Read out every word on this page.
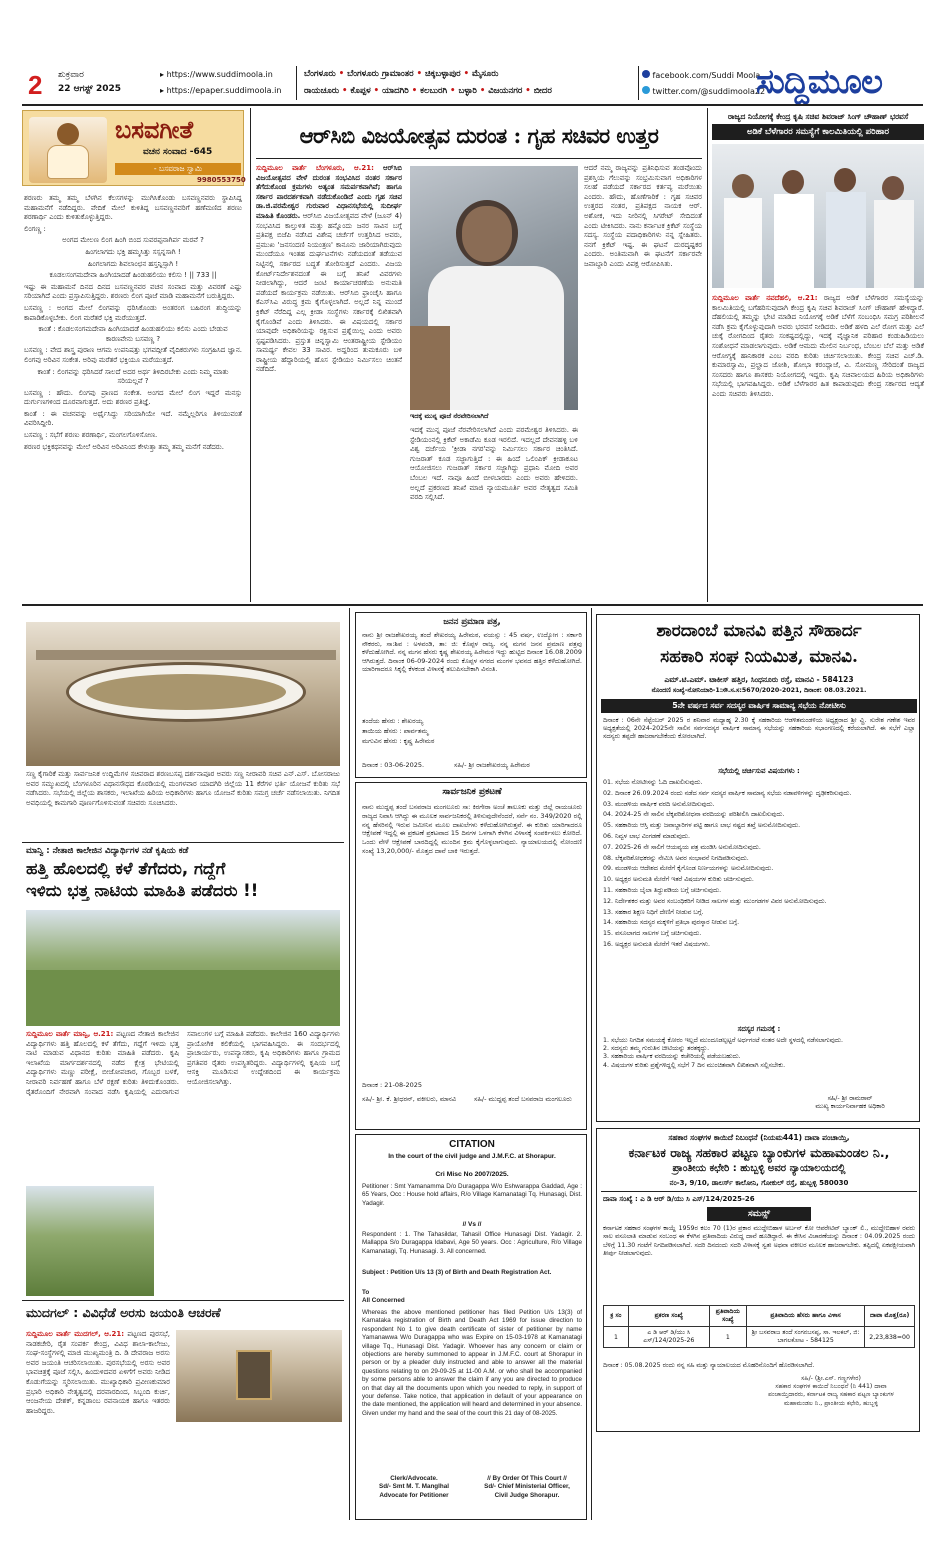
2 ಶುಕ್ರವಾರ
22 ಆಗಸ್ಟ್ 2025
▸ https://www.suddimoola.in
▸ https://epaper.suddimoola.in
ಬೆಂಗಳೂರು • ಬೆಂಗಳೂರು ಗ್ರಾಮಾಂತರ • ಚಿಕ್ಕಬಳ್ಳಾಪುರ • ಮೈಸೂರು
ರಾಯಚೂರು • ಕೊಪ್ಪಳ • ಯಾದಗಿರಿ • ಕಲಬುರಗಿ • ಬಳ್ಳಾರಿ • ವಿಜಯನಗರ • ಬೀದರ
facebook.com/Suddi Moola
twitter.com/@suddimoola22
ಸುದ್ದಿಮೂಲ
ಬಸವಗೀತೆ
ವಚನ ಸಂವಾದ -645
- ಬಸವರಾಜ ಸ್ವಾಮಿ
9980553750

ಶರಣರು ತಮ್ಮ ತಮ್ಮ ಬೆಳಗಿನ ಕೆಲಸಗಳನ್ನು ಮುಗಿಸಿಕೊಂಡು ಬಸವಣ್ಣನವರು ಸ್ಥಾಪಿಸಿದ್ದ ಮಹಾಮನೆಗೆ ನಡೆದಿದ್ದರು. ವೇದಿಕೆ ಮೇಲೆ ಕುಳಿತಿದ್ದ ಬಸವಣ್ಣನವರಿಗೆ ಹಣೆಮಣಿದ ಶರಣು ಶರಣಾರ್ಥಿ ಎಂದು ಕುಳಿತುಕೊಳ್ಳುತ್ತಿದ್ದರು.

ಲಿಂಗಣ್ಣ :

ಅಂಗದ ಮೇಲಣ ಲಿಂಗ ಹಿಂಗಿ ಬಿಂದ ಸುವರಪ್ಪನಾಗಿರ್ಪ ಮರವೆ ?

ಹಿಂಗಲಾಗದು ಭಕ್ತಿ ಹಮ್ಮಸಿತ್ತು ಸಸ್ಸನ್ನಸಾಗಿ !

ಹಿಂಗಲಾಗದು ಶಿವಲಾಂಛನ ಹಸ್ತನ್ನಿಸ್ಸಾಗಿ !

ಕೂಡಲಸಂಗಮದೇವಾ ಹಿಂಗಿಯಾದಡೆ ಹಿಂಡುಹಲಿಯು ಕಲಿಸು ! || 733 ||

ಇಷ್ಟು ಈ ಮಹಾಮನೆ ದಿನದ ದಿನದ ಬಸವಣ್ಣನವರ ವಚನ ಸಂವಾದ ಮತ್ತು ವಿವರಣೆ ಎಷ್ಟು ಸರಿಯಾಗಿದೆ ಎಂದು ಪ್ರಸ್ತಾಪಿಸುತ್ತಿದ್ದರು. ಶರಣರು ಲಿಂಗ ಪೂಜೆ ಮಾಡಿ ಮಹಾಮನೆಗೆ ಬರುತ್ತಿದ್ದರು.

ಬಸವಣ್ಣ : ಅಂಗದ ಮೇಲೆ ಲಿಂಗವನ್ನು ಧರಿಸಿಕೊಂಡು ಅಂತರಂಗ ಬಹಿರಂಗ ಶುದ್ಧಿಯನ್ನು ಕಾಪಾಡಿಕೊಳ್ಳಬೇಕು. ಲಿಂಗ ಮರೆತರೆ ಭಕ್ತಿ ಮರೆಯುತ್ತದೆ.

ಕಾಂತೆ : ಕೊಡಲಸಂಗಮದೇವಾ ಹಿಂಗಿಯಾದಡೆ ಹಿಂಡುಹಲಿಯು ಕಲಿಸು ಎಂದು ಬೇಡುವ ಕಾರಣವೇನು ಬಸವಣ್ಣ ?

ಬಸವಣ್ಣ : ವೇದ ಶಾಸ್ತ್ರ ಪುರಾಣ ಆಗಮ ಉಪನಿಷತ್ತು ಭಗವದ್ಗೀತೆ ವೈದಿಕರುಗಳು ಸಂಗ್ರಹಿಸಿದ ಜ್ಞಾನ. ಲಿಂಗವು ಅರಿವಿನ ಸಂಕೇತ. ಅರಿವು ಮರೆತರೆ ಭಕ್ತಿಯೂ ಮರೆಯುತ್ತದೆ.

ಕಾಂತೆ : ಲಿಂಗವನ್ನು ಧರಿಸಿದರೆ ಸಾಲದೆ ಅದರ ಅರ್ಥ ತಿಳಿದಿರಬೇಕು ಎಂದು ನಿಮ್ಮ ಮಾತು ಸರಿಯಲ್ಲವೆ ?

ಬಸವಣ್ಣ : ಹೌದು. ಲಿಂಗವು ಪ್ರಾಣದ ಸಂಕೇತ. ಅಂಗದ ಮೇಲೆ ಲಿಂಗ ಇದ್ದರೆ ಮನಸ್ಸು ದುರ್ಗುಣಗಳಿಂದ ದೂರವಾಗುತ್ತದೆ. ಅದು ಶರಣರ ಪ್ರತಿಜ್ಞೆ.

ಕಾಂತೆ : ಈ ವಚನವನ್ನು ಅರ್ಥೈಸಿದ್ದು ಸರಿಯಾಗಿಯೇ ಇದೆ. ನಮ್ಮೆಲ್ಲರಿಗೂ ತಿಳಿಯುವಂತೆ ವಿವರಿಸಿದ್ದೀರಿ.

ಬಸವಣ್ಣ : ಸಭೆಗೆ ಶರಣು ಶರಣಾರ್ಥಿ, ಮಂಗಲಗೊಳಿಸೋಣ.

ಶರಣರ ಭಕ್ತಿಕಥನವನ್ನು ಮೇಲೆ ಅರಿವಿನ ಅರಿವಿನಿಂದ ಕೇಳುತ್ತಾ ತಮ್ಮ ತಮ್ಮ ಮನೆಗೆ ನಡೆದರು.

ಆರ್‌ಸಿಬಿ ವಿಜಯೋತ್ಸವ ದುರಂತ : ಗೃಹ ಸಚಿವರ ಉತ್ತರ
ಸುದ್ದಿಮೂಲ ವಾರ್ತೆ ಬೆಂಗಳೂರು, ಆ.21: ಆರ್‌ಸಿಬಿ ವಿಜಯೋತ್ಸವದ ವೇಳೆ ದುರಂತ ಸಂಭವಿಸಿದ ನಂತರ ಸರ್ಕಾರ ತೆಗೆದುಕೊಂಡ ಕ್ರಮಗಳು ಅತ್ಯಂತ ಸಮರ್ಪಕವಾಗಿವೆ; ಹಾಗೂ ಸರ್ಕಾರ ಪಾರದರ್ಶಕವಾಗಿ ನಡೆದುಕೊಂಡಿದೆ ಎಂದು ಗೃಹ ಸಚಿವ ಡಾ.ಜಿ.ಪರಮೇಶ್ವರ ಗುರುವಾರ ವಿಧಾನಸಭೆಯಲ್ಲಿ ಸುದೀರ್ಘ ಮಾಹಿತಿ ಕೊಂಡರು. ಆರ್‌ಸಿಬಿ ವಿಜಯೋತ್ಸವದ ವೇಳೆ (ಜೂನ್ 4) ಸಂಭವಿಸಿದ ಕಾಲ್ತುಳಿತ ಮತ್ತು ಹನ್ನೊಂದು ಜನರ ಸಾವಿನ ಬಗ್ಗೆ ಪ್ರತಿಪಕ್ಷ ಬಿಜೆಪಿ ನಡೆಸಿದ ವಿಶೇಷ ಚರ್ಚೆಗೆ ಉತ್ತರಿಸಿದ ಅವರು, ಪ್ರಮುಖ 'ಜನಸಂದಣಿ ನಿಯಂತ್ರಣ' ಕಾನೂನು ಜಾರಿಯಾಗಿರುವುದು ಮುಂದೆಯೂ ಇಂತಹ ದುರ್ಘಟನೆಗಳು ನಡೆಯದಂತೆ ತಡೆಯುವ ನಿಟ್ಟಿನಲ್ಲಿ ಸರ್ಕಾರದ ಬದ್ಧತೆ ತೋರಿಸುತ್ತದೆ ಎಂದರು. ವಿಜಯ ಕೋರ್ಟ್‌ನಿರ್ದೇಶನದಂತೆ ಈ ಬಗ್ಗೆ ತನಿಖೆ ವಿವರಗಳು ನೀಡಲಾಗಿದ್ದು, ಆದರೆ ಜಂಟಿ ಕಾರ್ಯಾಚರಣೆಯ ಅನುಮತಿ ಪಡೆಯದೆ ಕಾರ್ಯಕ್ರಮ ನಡೆಯಿತು. ಆರ್‌ಸಿಬಿ ಫ್ರಾಂಚೈಸಿ ಹಾಗೂ ಕೆಎಸ್‌ಸಿಎ ವಿರುದ್ಧ ಕ್ರಮ ಕೈಗೊಳ್ಳಲಾಗಿದೆ. ಅಲ್ಲದೆ ನಿನ್ನ ಮುಂದೆ ಕ್ರಿಕೆಟ್ ನೆರೆದಿದ್ದ ಎಲ್ಲ ಕ್ರೀಡಾ ಸಂಸ್ಥೆಗಳು ಸರ್ಕಾರಕ್ಕೆ ಲಿಖಿತವಾಗಿ ಕೈಗೊಂಡಿವೆ ಎಂದು ತಿಳಿಸಿದರು. ಈ ವಿಷಯದಲ್ಲಿ ಸರ್ಕಾರ ಯಾವುದೇ ಅಧಿಕಾರಿಯನ್ನು ರಕ್ಷಿಸುವ ಪ್ರಶ್ನೆಯಿಲ್ಲ ಎಂದು ಅವರು ಸ್ಪಷ್ಟಪಡಿಸಿದರು. ಪ್ರಸ್ತುತ ಚಿನ್ನಸ್ವಾಮಿ ಆಂತರಾಷ್ಟ್ರೀಯ ಸ್ಟೇಡಿಯಂ ಸಾಮರ್ಥ್ಯ ಕೇವಲ 33 ಸಾವಿರ. ಅದ್ದರಿಂದ ತುಮಕೂರು ಬಳಿ ರಾಷ್ಟ್ರೀಯ ಹೆದ್ದಾರಿಯಲ್ಲಿ ಹೊಸ ಸ್ಟೇಡಿಯಂ ನಿರ್ಮಿಸಲು ಚಿಂತನೆ ನಡೆದಿದೆ.
ಇದಕ್ಕೆ ಮುನ್ನ ಪೂಜೆ ನೆರವೇರಿಸಲಾಗಿದೆ
ಇದಕ್ಕೆ ಮುನ್ನ ಪೂಜೆ ನೆರವೇರಿಸಲಾಗಿದೆ ಎಂದು ಪರಮೇಶ್ವರ ತಿಳಿಸಿದರು. ಈ ಸ್ಟೇಡಿಯಂನಲ್ಲಿ ಕ್ರಿಕೆಟ್ ಅಕಾಡೆಮಿ ಕೂಡ ಇರಲಿದೆ. ಇದಲ್ಲದೆ ದೇವನಹಳ್ಳಿ ಬಳಿ ವಿಶ್ವ ದರ್ಜೆಯ 'ಕ್ರೀಡಾ ನಗರ'ವನ್ನು ನಿರ್ಮಿಸಲು ಸರ್ಕಾರ ಚಿಂತಿಸಿದೆ. ಗುಜರಾತ್ ಕೂಡ ಸಜ್ಜಾಗುತ್ತಿದೆ : ಈ ಹಿಂದೆ ಒಲಿಂಪಿಕ್ ಕ್ರೀಡಾಕೂಟ ಆಯೋಜಿಸಲು ಗುಜರಾತ್ ಸರ್ಕಾರ ಸಜ್ಜಾಗಿದ್ದು ಪ್ರಧಾನಿ ಮೋದಿ ಅವರ ಬೆಂಬಲ ಇದೆ. ನಾವೂ ಹಿಂದೆ ಬೀಳಬಾರದು ಎಂದು ಅವರು ಹೇಳಿದರು. ಅಲ್ಲದೆ ಪ್ರಕರಣದ ತನಿಖೆ ಮಾಜಿ ನ್ಯಾಯಮೂರ್ತಿ ಅವರ ನೇತೃತ್ವದ ಸಮಿತಿ ವರದಿ ಸಲ್ಲಿಸಿದೆ.
ಆದರೆ ನಮ್ಮ ರಾಜ್ಯವನ್ನು ಪ್ರತಿನಿಧಿಸುವ ತಂಡವೊಂದು ಪ್ರಶಸ್ತಿಯ ಗೆಲುವನ್ನು ಸಂಭ್ರಮಿಸುವಾಗ ಅಧಿಕಾರಿಗಳ ಸಲಹೆ ಪಡೆಯದೆ ಸರ್ಕಾರದ ಕರ್ತವ್ಯ ಮರೆಯಿತು ಎಂದರು. ಹೌದು, ಹೊಣೆಗಾರಿಕೆ : ಗೃಹ ಸಚಿವರ ಉತ್ತರದ ನಂತರ, ಪ್ರತಿಪಕ್ಷದ ನಾಯಕ ಆರ್. ಅಶೋಕ, ಇದು ನೀರಿನಲ್ಲಿ ಸಿಗರೇಟ್ ಸೇದಿದಂತೆ ಎಂದು ಟೀಕಿಸಿದರು. ನಾನು ಕರ್ನಾಟಕ ಕ್ರಿಕೆಟ್ ಸಂಸ್ಥೆಯ ಸದಸ್ಯ. ಸಂಸ್ಥೆಯ ಪದಾಧಿಕಾರಿಗಳು ನನ್ನ ಸ್ನೇಹಿತರು. ನನಗೆ ಕ್ರಿಕೆಟ್ ಇಷ್ಟ. ಈ ಘಟನೆ ದುರದೃಷ್ಟಕರ ಎಂದರು. ಅಂತಿಮವಾಗಿ ಈ ಘಟನೆಗೆ ಸರ್ಕಾರವೇ ಜವಾಬ್ದಾರಿ ಎಂದು ವಿಪಕ್ಷ ಆರೋಪಿಸಿತು.
ರಾಜ್ಯದ ನಿಯೋಗಕ್ಕೆ ಕೇಂದ್ರ ಕೃಷಿ ಸಚಿವ ಶಿವರಾಜ್ ಸಿಂಗ್ ಚೌಹಾಣ್ ಭರವಸೆ
ಅಡಿಕೆ ಬೆಳೆಗಾರರ ಸಮಸ್ಯೆಗೆ ಕಾಲಮಿತಿಯಲ್ಲಿ ಪರಿಹಾರ
ಸುದ್ದಿಮೂಲ ವಾರ್ತೆ ನವದೆಹಲಿ, ಆ.21: ರಾಜ್ಯದ ಅಡಿಕೆ ಬೆಳೆಗಾರರ ಸಮಸ್ಯೆಯನ್ನು ಕಾಲಮಿತಿಯಲ್ಲಿ ಬಗೆಹರಿಸುವುದಾಗಿ ಕೇಂದ್ರ ಕೃಷಿ ಸಚಿವ ಶಿವರಾಜ್ ಸಿಂಗ್ ಚೌಹಾಣ್ ಹೇಳಿದ್ದಾರೆ. ದೆಹಲಿಯಲ್ಲಿ ತಮ್ಮನ್ನು ಭೇಟಿ ಮಾಡಿದ ನಿಯೋಗಕ್ಕೆ ಅಡಿಕೆ ಬೆಳೆಗೆ ಸಂಬಂಧಿಸಿ ಸಮಗ್ರ ಪರಿಶೀಲನೆ ನಡೆಸಿ ಕ್ರಮ ಕೈಗೊಳ್ಳುವುದಾಗಿ ಅವರು ಭರವಸೆ ನೀಡಿದರು. ಅಡಿಕೆ ಹಳದಿ ಎಲೆ ರೋಗ ಮತ್ತು ಎಲೆ ಚುಕ್ಕೆ ರೋಗದಿಂದ ರೈತರು ಸಂಕಷ್ಟದಲ್ಲಿದ್ದು, ಇದಕ್ಕೆ ವೈಜ್ಞಾನಿಕ ಪರಿಹಾರ ಕಂಡುಹಿಡಿಯಲು ಸಂಶೋಧನೆ ಮಾಡಲಾಗುವುದು. ಅಡಿಕೆ ಆಮದು ಮೇಲಿನ ನಿರ್ಬಂಧ, ಬೆಂಬಲ ಬೆಲೆ ಮತ್ತು ಅಡಿಕೆ ಆರೋಗ್ಯಕ್ಕೆ ಹಾನಿಕಾರಕ ಎಂಬ ವರದಿ ಕುರಿತು ಚರ್ಚಿಸಲಾಯಿತು. ಕೇಂದ್ರ ಸಚಿವ ಎಚ್.ಡಿ. ಕುಮಾರಸ್ವಾಮಿ, ಪ್ರಲ್ಹಾದ ಜೋಶಿ, ಶೋಭಾ ಕರಂದ್ಲಾಜೆ, ವಿ. ಸೋಮಣ್ಣ ಸೇರಿದಂತೆ ರಾಜ್ಯದ ಸಂಸದರು ಹಾಗೂ ಶಾಸಕರು ನಿಯೋಗದಲ್ಲಿ ಇದ್ದರು. ಕೃಷಿ ಸಚಿವಾಲಯದ ಹಿರಿಯ ಅಧಿಕಾರಿಗಳು ಸಭೆಯಲ್ಲಿ ಭಾಗವಹಿಸಿದ್ದರು. ಅಡಿಕೆ ಬೆಳೆಗಾರರ ಹಿತ ಕಾಪಾಡುವುದು ಕೇಂದ್ರ ಸರ್ಕಾರದ ಆದ್ಯತೆ ಎಂದು ಸಚಿವರು ತಿಳಿಸಿದರು.
ಸಣ್ಣ ಕೈಗಾರಿಕೆ ಮತ್ತು ಸಾರ್ವಜನಿಕ ಉದ್ದಿಮೆಗಳ ಸಚಿವರಾದ ಶರಣಬಸಪ್ಪ ದರ್ಶನಾಪೂರ ಅವರು ಸಣ್ಣ ನೀರಾವರಿ ಸಚಿವ ಎನ್.ಎಸ್. ಬೋಸರಾಜು ಅವರ ಸಮ್ಮುಖದಲ್ಲಿ ಬೆಂಗಳೂರಿನ ವಿಧಾನಸೌಧದ ಕೊಠಡಿಯಲ್ಲಿ ಮಂಗಳವಾರ ಯಾದಗಿರಿ ಜಿಲ್ಲೆಯ 11 ಕೆರೆಗಳ ಭರ್ತಿ ಯೋಜನೆ ಕುರಿತು ಸಭೆ ನಡೆಸಿದರು. ಸಭೆಯಲ್ಲಿ ಜಿಲ್ಲೆಯ ಶಾಸಕರು, ಇಲಾಖೆಯ ಹಿರಿಯ ಅಧಿಕಾರಿಗಳು ಹಾಗೂ ಯೋಜನೆ ಕುರಿತು ಸಮಗ್ರ ಚರ್ಚೆ ನಡೆಸಲಾಯಿತು. ನಿಗದಿತ ಅವಧಿಯಲ್ಲಿ ಕಾಮಗಾರಿ ಪೂರ್ಣಗೊಳಿಸುವಂತೆ ಸಚಿವರು ಸೂಚಿಸಿದರು.
ಮಾನ್ವಿ : ನೇತಾಜಿ ಕಾಲೇಜಿನ ವಿದ್ಯಾರ್ಥಿಗಳ ನಡೆ ಕೃಷಿಯ ಕಡೆ
ಹತ್ತಿ ಹೊಲದಲ್ಲಿ ಕಳೆ ತೆಗೆದರು, ಗದ್ದೆಗೆ
ಇಳಿದು ಭತ್ತ ನಾಟಿಯ ಮಾಹಿತಿ ಪಡೆದರು !!
ಸುದ್ದಿಮೂಲ ವಾರ್ತೆ ಮಾನ್ವಿ, ಆ.21: ಪಟ್ಟಣದ ನೇತಾಜಿ ಕಾಲೇಜಿನ ವಿದ್ಯಾರ್ಥಿಗಳು ಹತ್ತಿ ಹೊಲದಲ್ಲಿ ಕಳೆ ತೆಗೆದು, ಗದ್ದೆಗೆ ಇಳಿದು ಭತ್ತ ನಾಟಿ ಮಾಡುವ ವಿಧಾನದ ಕುರಿತು ಮಾಹಿತಿ ಪಡೆದರು. ಕೃಷಿ ಇಲಾಖೆಯ ಮಾರ್ಗದರ್ಶನದಲ್ಲಿ ನಡೆದ ಕ್ಷೇತ್ರ ಭೇಟಿಯಲ್ಲಿ ವಿದ್ಯಾರ್ಥಿಗಳು ಮಣ್ಣು ಪರೀಕ್ಷೆ, ಬೀಜೋಪಚಾರ, ಗೊಬ್ಬರ ಬಳಕೆ, ನೀರಾವರಿ ನಿರ್ವಹಣೆ ಹಾಗೂ ಬೆಳೆ ರಕ್ಷಣೆ ಕುರಿತು ತಿಳಿದುಕೊಂಡರು. ರೈತರೊಂದಿಗೆ ನೇರವಾಗಿ ಸಂವಾದ ನಡೆಸಿ ಕೃಷಿಯಲ್ಲಿ ಎದುರಾಗುವ ಸವಾಲುಗಳ ಬಗ್ಗೆ ಮಾಹಿತಿ ಪಡೆದರು. ಕಾಲೇಜಿನ 160 ವಿದ್ಯಾರ್ಥಿಗಳು ಪ್ರಾಯೋಗಿಕ ಕಲಿಕೆಯಲ್ಲಿ ಭಾಗವಹಿಸಿದ್ದರು. ಈ ಸಂದರ್ಭದಲ್ಲಿ ಪ್ರಾಚಾರ್ಯರು, ಉಪನ್ಯಾಸಕರು, ಕೃಷಿ ಅಧಿಕಾರಿಗಳು ಹಾಗೂ ಗ್ರಾಮದ ಪ್ರಗತಿಪರ ರೈತರು ಉಪಸ್ಥಿತರಿದ್ದರು. ವಿದ್ಯಾರ್ಥಿಗಳಲ್ಲಿ ಕೃಷಿಯ ಬಗ್ಗೆ ಆಸಕ್ತಿ ಮೂಡಿಸುವ ಉದ್ದೇಶದಿಂದ ಈ ಕಾರ್ಯಕ್ರಮ ಆಯೋಜಿಸಲಾಗಿತ್ತು.
ಮುದಗಲ್ : ವಿವಿಧೆಡೆ ಅರಸು ಜಯಂತಿ ಆಚರಣೆ
ಸುದ್ದಿಮೂಲ ವಾರ್ತೆ ಮುದಗಲ್, ಆ.21: ಪಟ್ಟಣದ ಪುರಸಭೆ, ನಾಡಕಚೇರಿ, ರೈತ ಸಂಪರ್ಕ ಕೇಂದ್ರ, ವಿವಿಧ ಶಾಲಾ-ಕಾಲೇಜು, ಸಂಘ-ಸಂಸ್ಥೆಗಳಲ್ಲಿ ಮಾಜಿ ಮುಖ್ಯಮಂತ್ರಿ ದಿ. ಡಿ ದೇವರಾಜ ಅರಸು ಅವರ ಜಯಂತಿ ಆಚರಿಸಲಾಯಿತು. ಪುರಸಭೆಯಲ್ಲಿ ಅರಸು ಅವರ ಭಾವಚಿತ್ರಕ್ಕೆ ಪೂಜೆ ಸಲ್ಲಿಸಿ, ಹಿಂದುಳಿದವರ ಏಳಿಗೆಗೆ ಅವರು ನೀಡಿದ ಕೊಡುಗೆಯನ್ನು ಸ್ಮರಿಸಲಾಯಿತು. ಮುಖ್ಯಾಧಿಕಾರಿ ಪ್ರವೀಣಕುಮಾರ ಪ್ರಭಾರಿ ಅಧಿಕಾರಿ ನೇತೃತ್ವದಲ್ಲಿ ದರವಾರದಿಂದ, ಸಿಬ್ಬಂದಿ ಕುರ್ಚಿ, ಆಂಜನೇಯ ದೇಶಕ್, ಕನ್ನಡಾಂಬ ರವನಾಯಕ ಹಾಗೂ ಇತರರು ಹಾಜರಿದ್ದರು.
ಜನನ ಪ್ರಮಾಣ ಪತ್ರ,
ನಾನು ಶ್ರೀ ರಾಜಶೇಖರಯ್ಯ ತಂದೆ ಶೇಖರಯ್ಯ ಹಿರೇಮಠ, ವಯಸ್ಸು : 45 ವರ್ಷ, ಉದ್ಯೋಗ : ಸರ್ಕಾರಿ ನೌಕರರು, ಸಾ:ಶಿವ : ಅಳವಂಡಿ, ತಾ: ಜಿ: ಕೊಪ್ಪಳ ರಾಜ್ಯ. ನನ್ನ ಮಗನ ಜನನ ಪ್ರಮಾಣ ಪತ್ರವು ಕಳೆದುಹೋಗಿದೆ. ನನ್ನ ಮಗನ ಹೆಸರು ಕೃಷ್ಣ ಶೇಖರಯ್ಯ ಹಿರೇಮಠ ಇದ್ದು ಹುಟ್ಟಿದ ದಿನಾಂಕ 16.08.2009 ಆಗಿರುತ್ತದೆ. ದಿನಾಂಕ 06-09-2024 ರಂದು ಕೊಪ್ಪಳ ನಗರದ ಮಂಗಳ ಭವನದ ಹತ್ತಿರ ಕಳೆದುಹೋಗಿದೆ. ಯಾರಿಗಾದರೂ ಸಿಕ್ಕಲ್ಲಿ ಕೆಳಕಂಡ ವಿಳಾಸಕ್ಕೆ ತಲುಪಿಸಬೇಕಾಗಿ ವಿನಂತಿ.
ತಂದೆಯ ಹೆಸರು : ಶೇಖರಯ್ಯ
ತಾಯಿಯ ಹೆಸರು : ಪಾರ್ವತಮ್ಮ
ಮಗುವಿನ ಹೆಸರು : ಕೃಷ್ಣ ಹಿರೇಮಠ
ದಿನಾಂಕ : 03-06-2025.	ಸಹಿ/- ಶ್ರೀ ರಾಜಶೇಖರಯ್ಯ ಹಿರೇಮಠ
ಸಾರ್ವಜನಿಕ ಪ್ರಕಟಣೆ
ನಾನು ಮುದ್ದಪ್ಪ ತಂದೆ ಬಸವರಾಜ ಮಂಗಲೂರು ಸಾ: ಕಿರಗೇರಾ ಅಂಚೆ ತಾಲೂಕು ಮತ್ತು ಜಿಲ್ಲೆ ರಾಯಚೂರು ರಾಜ್ಯದ ನಿವಾಸಿ ಆಗಿದ್ದು ಈ ಮೂಲಕ ಸಾರ್ವಜನಿಕರಲ್ಲಿ ತಿಳಿಸುವುದೇನೆಂದರೆ, ಸರ್ವೆ ನಂ. 349/2020 ರಲ್ಲಿ ನನ್ನ ಹೆಸರಿನಲ್ಲಿ ಇರುವ ಜಮೀನಿನ ಮೂಲ ದಾಖಲೆಗಳು ಕಳೆದುಹೋಗಿರುತ್ತವೆ. ಈ ಕುರಿತು ಯಾರಿಗಾದರೂ ಆಕ್ಷೇಪಣೆ ಇದ್ದಲ್ಲಿ ಈ ಪ್ರಕಟಣೆ ಪ್ರಕಟವಾದ 15 ದಿನಗಳ ಒಳಗಾಗಿ ಕೆಳಗಿನ ವಿಳಾಸಕ್ಕೆ ಸಂಪರ್ಕಿಸಲು ಕೋರಿದೆ. ಒಂದು ವೇಳೆ ಆಕ್ಷೇಪಣೆ ಬಾರದಿದ್ದಲ್ಲಿ ಮುಂದಿನ ಕ್ರಮ ಕೈಗೊಳ್ಳಲಾಗುವುದು. ನ್ಯಾಯಾಲಯದಲ್ಲಿ ನೋಂದಣಿ ಸಂಖ್ಯೆ 13,20,000/- ಮೊತ್ತದ ದಾವೆ ಬಾಕಿ ಇರುತ್ತದೆ.
ದಿನಾಂಕ : 21-08-2025
ಸಹಿ/- ಶ್ರೀ. ಕೆ. ಶ್ರೀಧರನ್, ವಕೀಲರು, ಮಾನವಿ	ಸಹಿ/- ಮುದ್ದಪ್ಪ ತಂದೆ ಬಸವರಾಜ ಮಂಗಲೂರು
CITATION
In the court of the civil judge and J.M.F.C. at Shorapur.
Cri Misc No 2007/2025.
Petitioner : Smt Yamanamma D/o Duragappa W/o Eshwarappa Gaddad, Age : 65 Years, Occ : House hold affairs, R/o Village Kamanatagi Tq. Hunasagi, Dist. Yadagir.
// Vs //
Respondent : 1. The Tahasildar, Tahasil Office Hunasagi Dist. Yadagir. 2. Mallappa S/o Duragappa Idabavi, Age 50 years. Occ : Agriculture, R/o Village Kamanatagi, Tq. Hunasagi. 3. All concerned.
Subject : Petition U/s 13 (3) of Birth and Death Registration Act.
To
All Concerned
Whereas the above mentioned petitioner has filed Petition U/s 13(3) of Karnataka registration of Birth and Death Act 1969 for issue direction to respondent No 1 to give death certificate of sister of petitioner by name Yamanawwa W/o Duragappa who was Expire on 15-03-1978 at Kamanatagi village Tq., Hunasagi Dist. Yadagir. Whoever has any concern or claim or objections are hereby summoned to appear in J.M.F.C. court at Shorapur in person or by a pleader duly instructed and able to answer all the material questions relating to on 29-09-25 at 11-00 A.M. or who shall be accompanied by some persons able to answer the claim if any you are directed to produce on that day all the documents upon which you needed to reply, in support of your defense. Take notice, that application in default of your appearance on the date mentioned, the application will heard and determined in your absence. Given under my hand and the seal of the court this 21 day of 08-2025.
Clerk/Advocate.
Sd/- Smt M. T. Manglhal
Advocate for Petitioner
// By Order Of This Court //
Sd/- Chief Ministerial Officer,
Civil Judge Shorapur.
ಶಾರದಾಂಬೆ ಮಾನವಿ ಪತ್ತಿನ ಸೌಹಾರ್ದ
ಸಹಕಾರಿ ಸಂಘ ನಿಯಮಿತ, ಮಾನವಿ.
ಎಮ್.ಟಿ.ಎಮ್. ಟಾಕೀಸ್ ಹತ್ತಿರ, ಸಿಂಧನೂರು ರಸ್ತೆ, ಮಾನವಿ - 584123
ನೊಂದಣಿ ಸಂಖ್ಯೆ-ನೋನಿಯಾರಿ-1:ಸೌ.ಸ.ಸ:5670/2020-2021, ದಿನಾಂಕ: 08.03.2021.
5ನೇ ವರ್ಷದ ಸರ್ವ ಸದಸ್ಯರ ವಾರ್ಷಿಕ ಸಾಮಾನ್ಯ ಸಭೆಯ ನೋಟೀಸು
ದಿನಾಂಕ : 06ನೇ ಸೆಪ್ಟೆಂಬರ್ 2025 ರ ಶನಿವಾರ ಮಧ್ಯಾಹ್ನ 2.30 ಕ್ಕೆ ಸಹಕಾರಿಯ ಆಡಳಿತಮಂಡಳಿಯ ಅಧ್ಯಕ್ಷರಾದ ಶ್ರೀ ವ್ಹಿ. ಸುರೇಶ ಗಣೇಶ ಇವರ ಅಧ್ಯಕ್ಷತೆಯಲ್ಲಿ 2024-2025ನೇ ಸಾಲಿನ ಸರ್ವಸದಸ್ಯರ ವಾರ್ಷಿಕ ಸಾಮಾನ್ಯ ಸಭೆಯನ್ನು ಸಹಕಾರಿಯ ಸಭಾಂಗಣದಲ್ಲಿ ಕರೆಯಲಾಗಿದೆ. ಈ ಸಭೆಗೆ ಎಲ್ಲಾ ಸದಸ್ಯರು ತಪ್ಪದೇ ಹಾಜರಾಗಬೇಕೆಂದು ಕೋರಲಾಗಿದೆ.
ಸಭೆಯಲ್ಲಿ ಚರ್ಚಿಸುವ ವಿಷಯಗಳು :
01. ಸಭೆಯ ನೋಟೀಸನ್ನು ಓದಿ ದಾಖಲಿಸುವುದು.
02. ದಿನಾಂಕ 26.09.2024 ರಂದು ನಡೆದ ಸರ್ವ ಸದಸ್ಯರ ವಾರ್ಷಿಕ ಸಾಮಾನ್ಯ ಸಭೆಯ ನಡಾವಳಿಗಳನ್ನು ದೃಢೀಕರಿಸುವುದು.
03. ಮಂಡಳಿಯ ವಾರ್ಷಿಕ ವರದಿ ಅನುಮೋದಿಸುವುದು.
04. 2024-25 ನೇ ಸಾಲಿನ ಲೆಕ್ಕಪರಿಶೋಧನಾ ವರದಿಯನ್ನು ಪರಿಶೀಲಿಸಿ ದಾಖಲಿಸುವುದು.
05. ಸಹಕಾರಿಯ ಆಸ್ತಿ ಮತ್ತು ಜವಾಬ್ದಾರಿಗಳ ಪಟ್ಟಿ ಹಾಗೂ ಲಾಭ ನಷ್ಟದ ತಖ್ತೆ ಅನುಮೋದಿಸುವುದು.
06. ನಿವ್ವಳ ಲಾಭ ವಿಂಗಡಣೆ ಮಾಡುವುದು.
07. 2025-26 ನೇ ಸಾಲಿಗೆ ಆಯವ್ಯಯ ಪತ್ರ ಮಂಡಿಸಿ ಅನುಮೋದಿಸುವುದು.
08. ಲೆಕ್ಕಪರಿಶೋಧಕರನ್ನು ನೇಮಿಸಿ ಅವರ ಸಂಭಾವನೆ ನಿಗದಿಪಡಿಸುವುದು.
09. ಮಂಡಳಿಯ ಆದೇಶದ ಮೇರೆಗೆ ಕೈಗೊಂಡ ನಿರ್ಣಯಗಳನ್ನು ಅನುಮೋದಿಸುವುದು.
10. ಅಧ್ಯಕ್ಷರ ಅನುಮತಿ ಮೇರೆಗೆ ಇತರೆ ವಿಷಯಗಳ ಕುರಿತು ಚರ್ಚಿಸುವುದು.
11. ಸಹಕಾರಿಯ ಬೈಲಾ ತಿದ್ದುಪಡಿಯ ಬಗ್ಗೆ ಚರ್ಚಿಸುವುದು.
12. ನಿರ್ದೇಶಕರ ಮತ್ತು ಅವರ ಸಂಬಂಧಿಕರಿಗೆ ನೀಡಿದ ಸಾಲಗಳ ಮತ್ತು ಮುಂಗಡಗಳ ವಿವರ ಅನುಮೋದಿಸುವುದು.
13. ಸಹಕಾರ ಶಿಕ್ಷಣ ನಿಧಿಗೆ ದೇಣಿಗೆ ನೀಡುವ ಬಗ್ಗೆ.
14. ಸಹಕಾರಿಯ ಸದಸ್ಯರ ಮಕ್ಕಳಿಗೆ ಪ್ರತಿಭಾ ಪುರಸ್ಕಾರ ನೀಡುವ ಬಗ್ಗೆ.
15. ವಸೂಲಾಗದ ಸಾಲಗಳ ಬಗ್ಗೆ ಚರ್ಚಿಸುವುದು.
16. ಅಧ್ಯಕ್ಷರ ಅನುಮತಿ ಮೇರೆಗೆ ಇತರೆ ವಿಷಯಗಳು.
ಸದಸ್ಯರ ಗಮನಕ್ಕೆ :
1. ಸಭೆಯು ನಿಗದಿತ ಸಮಯಕ್ಕೆ ಕೋರಂ ಇಲ್ಲದೆ ಮುಂದೂಡಲ್ಪಟ್ಟರೆ ಅರ್ಧಗಂಟೆ ನಂತರ ಅದೇ ಸ್ಥಳದಲ್ಲಿ ನಡೆಸಲಾಗುವುದು.
2. ಸದಸ್ಯರು ತಮ್ಮ ಗುರುತಿನ ಚೀಟಿಯನ್ನು ತರತಕ್ಕದ್ದು.
3. ಸಹಕಾರಿಯ ವಾರ್ಷಿಕ ವರದಿಯನ್ನು ಕಚೇರಿಯಲ್ಲಿ ಪಡೆಯಬಹುದು.
4. ವಿಷಯಗಳ ಕುರಿತು ಪ್ರಶ್ನೆಗಳಿದ್ದಲ್ಲಿ ಸಭೆಗೆ 7 ದಿನ ಮುಂಚಿತವಾಗಿ ಲಿಖಿತವಾಗಿ ಸಲ್ಲಿಸಬೇಕು.
ಸಹಿ/- ಶ್ರೀ ರಾಮರಾವ್
ಮುಖ್ಯ ಕಾರ್ಯನಿರ್ವಾಹಕ ಅಧಿಕಾರಿ
ಸಹಕಾರ ಸಂಘಗಳ ಕಾಯಿದೆ ನಿಬಂಧನೆ (ನಿಯಮ441) ದಾವಾ ಪಂಚಾಯ್ತಿ,
ಕರ್ನಾಟಕ ರಾಜ್ಯ ಸಹಕಾರ ಪಟ್ಟಣ ಬ್ಯಾಂಕುಗಳ ಮಹಾಮಂಡಲ ನಿ.,
ಪ್ರಾಂತೀಯ ಕಛೇರಿ : ಹುಬ್ಬಳ್ಳಿ ಅವರ ನ್ಯಾಯಾಲಯದಲ್ಲಿ
ನಂ-3, 9/10, ಡಾಲರ್ಸ್ ಕಾಲೋನಿ, ಗೋಕುಲ್ ರಸ್ತೆ, ಹುಬ್ಬಳ್ಳಿ 580030
ದಾವಾ ಸಂಖ್ಯೆ : ಎ ಡಿ ಆರ್ ಡಿ/ಯು ಸಿ ಎಸ್/124/2025-26
ಸಮನ್ಸ್
ಕರ್ನಾಟಕ ಸಹಕಾರ ಸಂಘಗಳ ಕಾಯ್ದೆ 1959ರ ಕಲಂ 70 (1)ರ ಪ್ರಕಾರ ಮುದ್ದೇಬಿಹಾಳ ಅರ್ಬನ್ ಕೋ ಆಪರೇಟಿವ್ ಬ್ಯಾಂಕ್ ಲಿ., ಮುದ್ದೇಬಿಹಾಳ ರವರು ಸಾಲ ವಸೂಲಾತಿ ಮಾಡುವ ಸಂಬಂಧ ಈ ಕೆಳಗಿನ ಪ್ರತಿವಾದಿಯ ವಿರುದ್ಧ ದಾವೆ ಹೂಡಿದ್ದಾರೆ. ಈ ಕೇಸಿನ ವಿಚಾರಣೆಯನ್ನು ದಿನಾಂಕ : 04.09.2025 ರಂದು ಬೆಳಿಗ್ಗೆ 11.30 ಗಂಟೆಗೆ ನಿಗದಿಪಡಿಸಲಾಗಿದೆ. ಸದರಿ ದಿನದಂದು ಸದರಿ ವಿಳಾಸಕ್ಕೆ ಸ್ವತಃ ಅಥವಾ ವಕೀಲರ ಮೂಲಕ ಹಾಜರಾಗಬೇಕು. ತಪ್ಪಿದಲ್ಲಿ ಏಕಪಕ್ಷೀಯವಾಗಿ ತೀರ್ಪು ನೀಡಲಾಗುವುದು.
ಕ್ರ ಸಂ	ಪ್ರಕರಣ ಸಂಖ್ಯೆ	ಪ್ರತಿವಾದಿಯ ಸಂಖ್ಯೆ	ಪ್ರತಿವಾದಿಯ ಹೆಸರು ಹಾಗೂ ವಿಳಾಸ	ದಾವಾ ಮೊತ್ತ(ರೂ)
1	ಎ ಡಿ ಆರ್ ಡಿ/ಯು ಸಿ ಎಸ್/124/2025-26	1	ಶ್ರೀ ಬಸವರಾಜ ತಂದೆ ಸಂಗನಬಸಪ್ಪ, ಸಾ. ಇಲಕಲ್, ಜಿ: ಬಾಗಲಕೋಟ - 584125	2,23,838=00
ದಿನಾಂಕ : 05.08.2025 ರಂದು ನನ್ನ ಸಹಿ ಮತ್ತು ನ್ಯಾಯಾಲಯದ ಮೊಹರಿನೊಂದಿಗೆ ಹೊರಡಿಸಲಾಗಿದೆ.
ಸಹಿ/- (ಶ್ರೀ.ಎಸ್. ಗಣ್ಣಗಳೇರ)
ಸಹಕಾರ ಸಂಘಗಳ ಕಾಯಿದೆ ನಿಬಂಧನೆ (ನಿ 441) ದಾವಾ
ಪಂಚಾಯ್ತಿದಾರರು, ಕರ್ನಾಟಕ ರಾಜ್ಯ ಸಹಕಾರ ಪಟ್ಟಣ ಬ್ಯಾಂಕುಗಳ
ಮಹಾಮಂಡಲ ನಿ., ಪ್ರಾಂತೀಯ ಕಛೇರಿ, ಹುಬ್ಬಳ್ಳಿ
